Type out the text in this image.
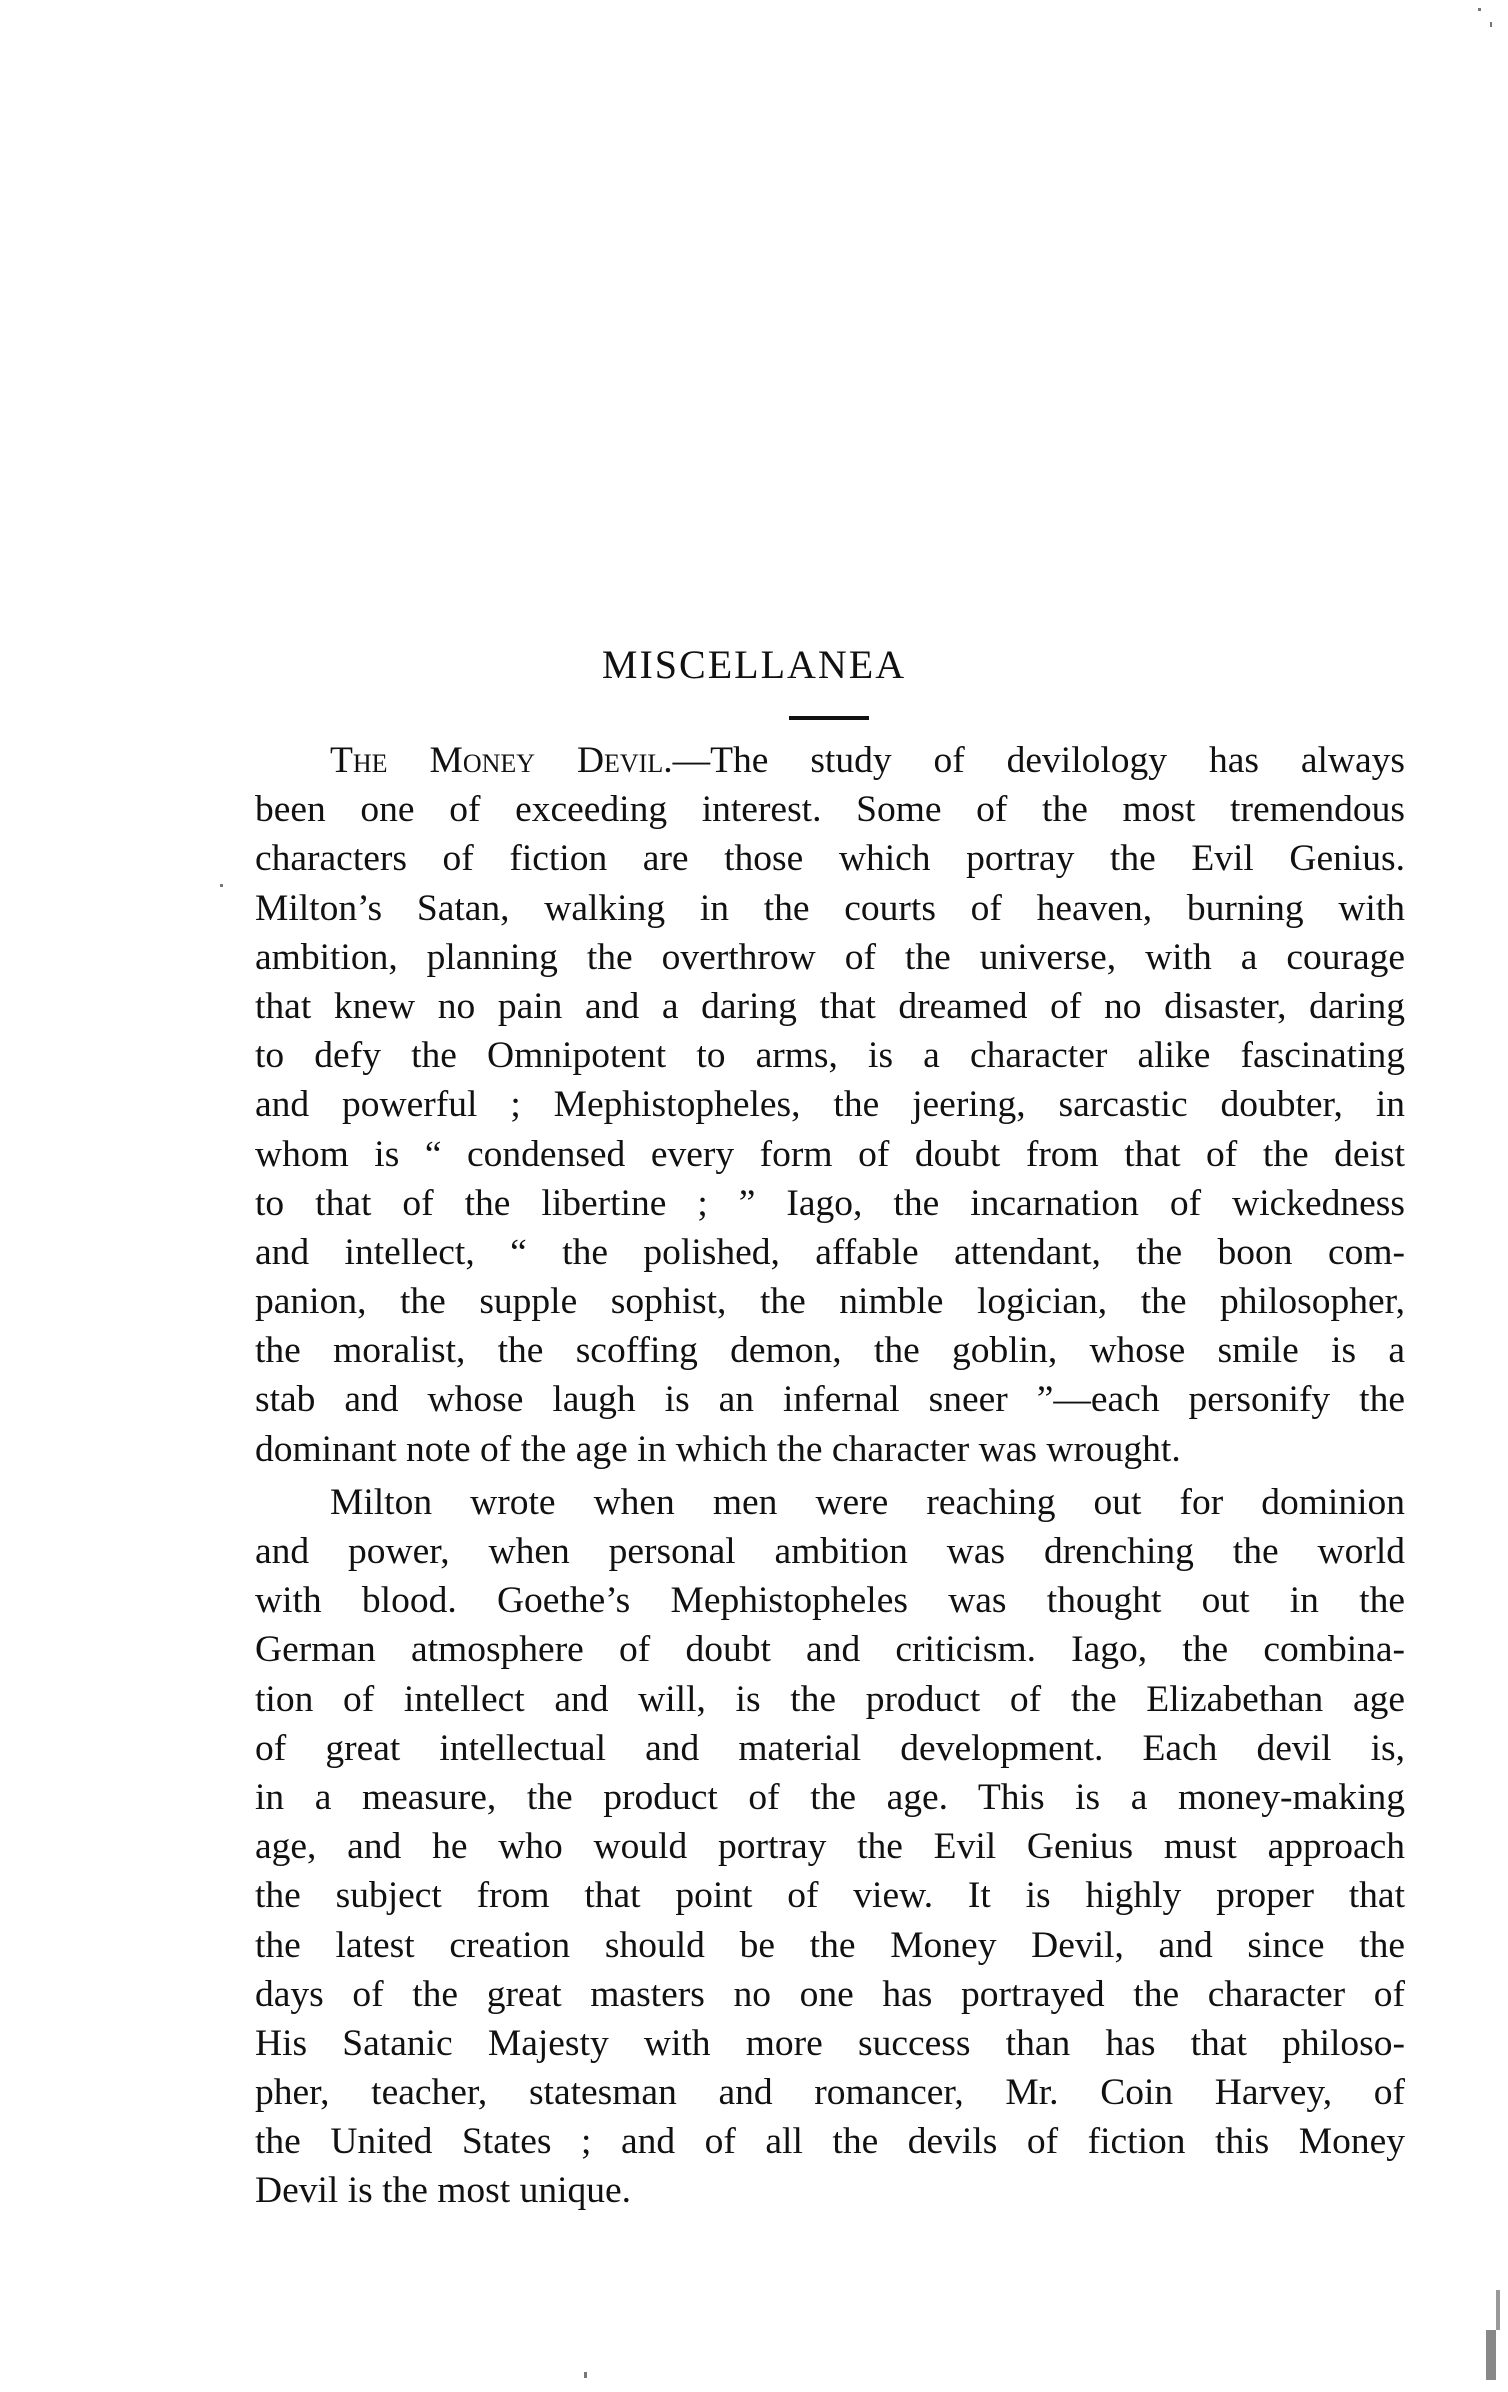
MISCELLANEA
The Money Devil.—The study of devilology has always
been one of exceeding interest. Some of the most tremendous
characters of fiction are those which portray the Evil Genius.
Milton’s Satan, walking in the courts of heaven, burning with
ambition, planning the overthrow of the universe, with a courage
that knew no pain and a daring that dreamed of no disaster, daring
to defy the Omnipotent to arms, is a character alike fascinating
and powerful ; Mephistopheles, the jeering, sarcastic doubter, in
whom is “ condensed every form of doubt from that of the deist
to that of the libertine ; ” Iago, the incarnation of wickedness
and intellect, “ the polished, affable attendant, the boon com-
panion, the supple sophist, the nimble logician, the philosopher,
the moralist, the scoffing demon, the goblin, whose smile is a
stab and whose laugh is an infernal sneer ”—each personify the
dominant note of the age in which the character was wrought.
Milton wrote when men were reaching out for dominion
and power, when personal ambition was drenching the world
with blood. Goethe’s Mephistopheles was thought out in the
German atmosphere of doubt and criticism. Iago, the combina-
tion of intellect and will, is the product of the Elizabethan age
of great intellectual and material development. Each devil is,
in a measure, the product of the age. This is a money-making
age, and he who would portray the Evil Genius must approach
the subject from that point of view. It is highly proper that
the latest creation should be the Money Devil, and since the
days of the great masters no one has portrayed the character of
His Satanic Majesty with more success than has that philoso-
pher, teacher, statesman and romancer, Mr. Coin Harvey, of
the United States ; and of all the devils of fiction this Money
Devil is the most unique.
